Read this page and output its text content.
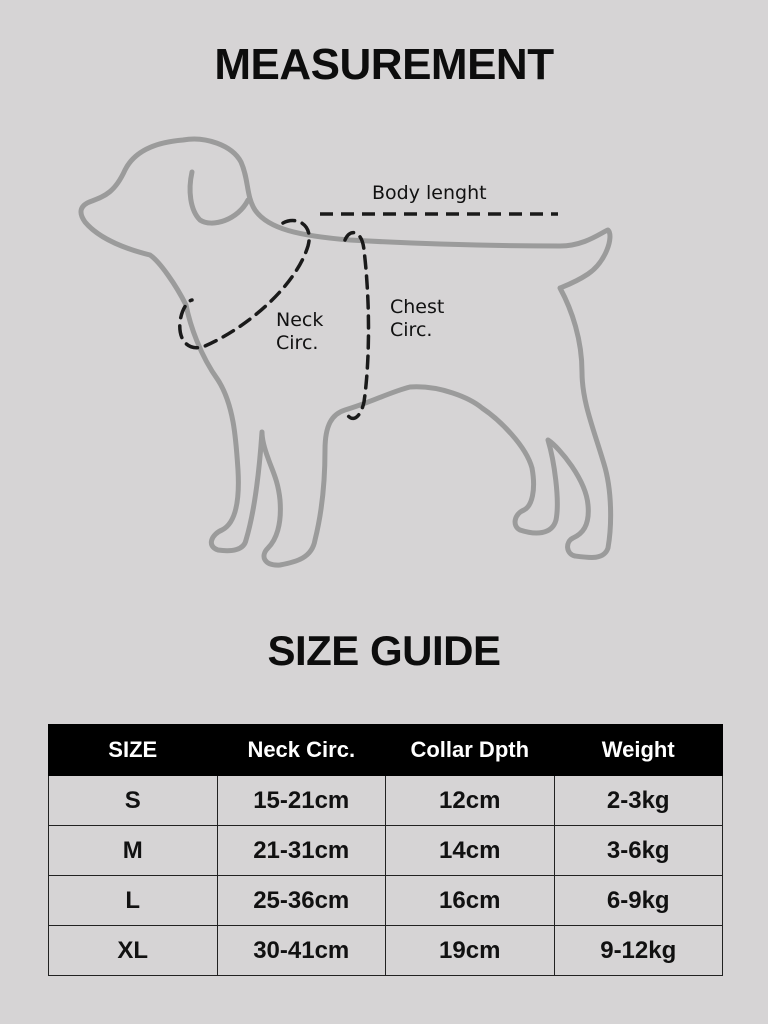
MEASUREMENT
Body lenght
Neck
Circ.
Chest
Circ.
SIZE GUIDE
SIZE	Neck Circ.	Collar Dpth	Weight
S	15-21cm	12cm	2-3kg
M	21-31cm	14cm	3-6kg
L	25-36cm	16cm	6-9kg
XL	30-41cm	19cm	9-12kg
